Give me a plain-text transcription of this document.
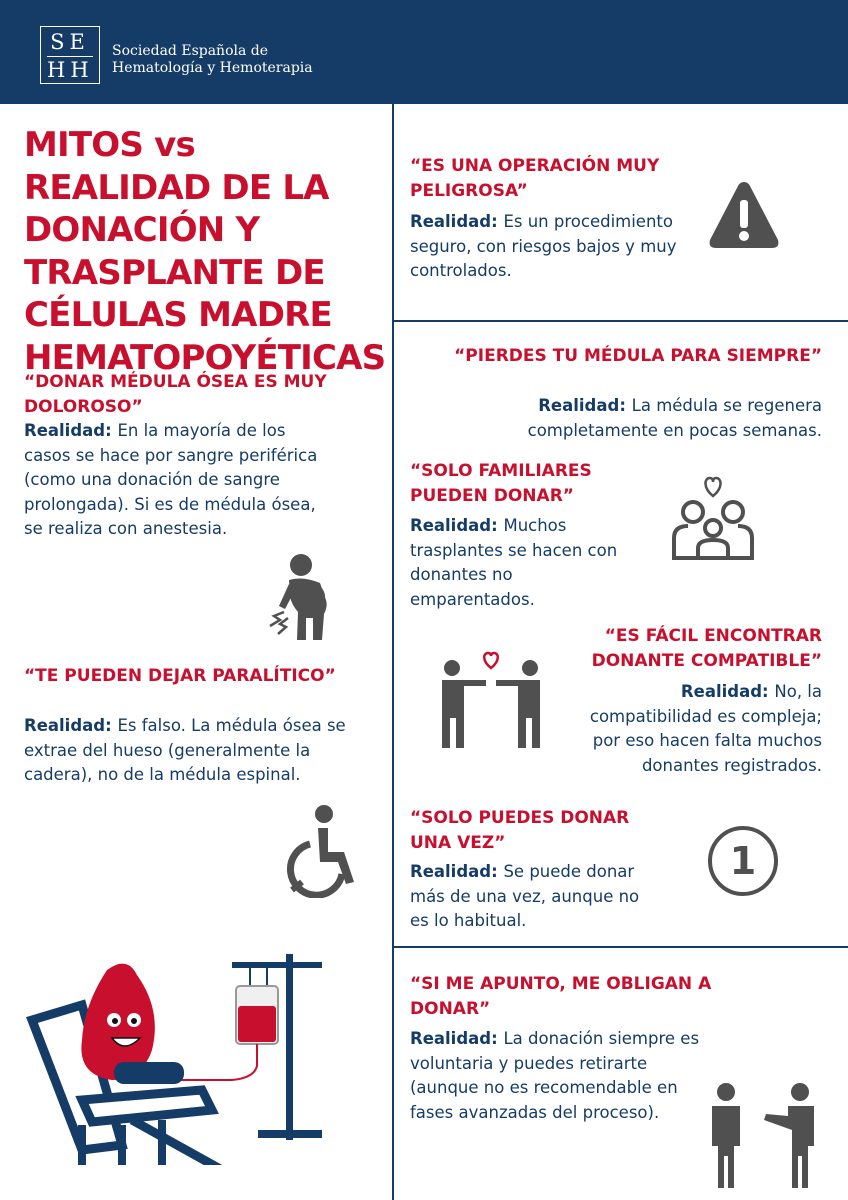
SE
HH
Sociedad Española de
Hematología y Hemoterapia
MITOS vs REALIDAD DE LA DONACIÓN Y TRASPLANTE DE CÉLULAS MADRE HEMATOPOYÉTICAS
“DONAR MÉDULA ÓSEA ES MUY DOLOROSO”
Realidad: En la mayoría de los casos se hace por sangre periférica (como una donación de sangre prolongada). Si es de médula ósea, se realiza con anestesia.
“TE PUEDEN DEJAR PARALÍTICO”
Realidad: Es falso. La médula ósea se extrae del hueso (generalmente la cadera), no de la médula espinal.
“ES UNA OPERACIÓN MUY PELIGROSA”
Realidad: Es un procedimiento seguro, con riesgos bajos y muy controlados.
“PIERDES TU MÉDULA PARA SIEMPRE”
Realidad: La médula se regenera completamente en pocas semanas.
“SOLO FAMILIARES PUEDEN DONAR”
Realidad: Muchos trasplantes se hacen con donantes no emparentados.
“ES FÁCIL ENCONTRAR DONANTE COMPATIBLE”
Realidad: No, la compatibilidad es compleja; por eso hacen falta muchos donantes registrados.
“SOLO PUEDES DONAR UNA VEZ”
Realidad: Se puede donar más de una vez, aunque no es lo habitual.
1
“SI ME APUNTO, ME OBLIGAN A DONAR”
Realidad: La donación siempre es voluntaria y puedes retirarte (aunque no es recomendable en fases avanzadas del proceso).
